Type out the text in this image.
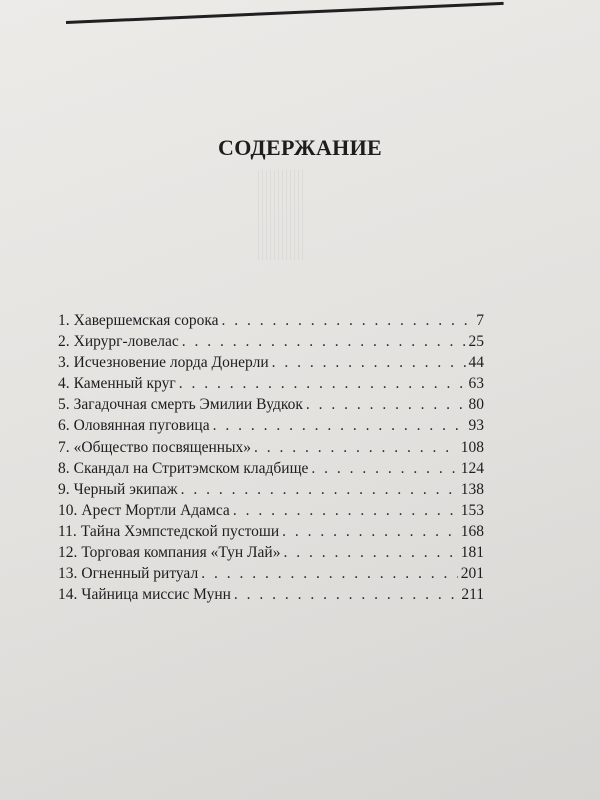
СОДЕРЖАНИЕ
1. Хавершемская сорока . . .	7
2. Хирург-ловелас . . .	25
3. Исчезновение лорда Донерли . . .	44
4. Каменный круг . . .	63
5. Загадочная смерть Эмилии Вудкок . . .	80
6. Оловянная пуговица . . .	93
7. «Общество посвященных» . . .	108
8. Скандал на Стритэмском кладбище . . .	124
9. Черный экипаж . . .	138
10. Арест Мортли Адамса . . .	153
11. Тайна Хэмпстедской пустоши . . .	168
12. Торговая компания «Тун Лай» . . .	181
13. Огненный ритуал . . .	201
14. Чайница миссис Мунн . . .	211
